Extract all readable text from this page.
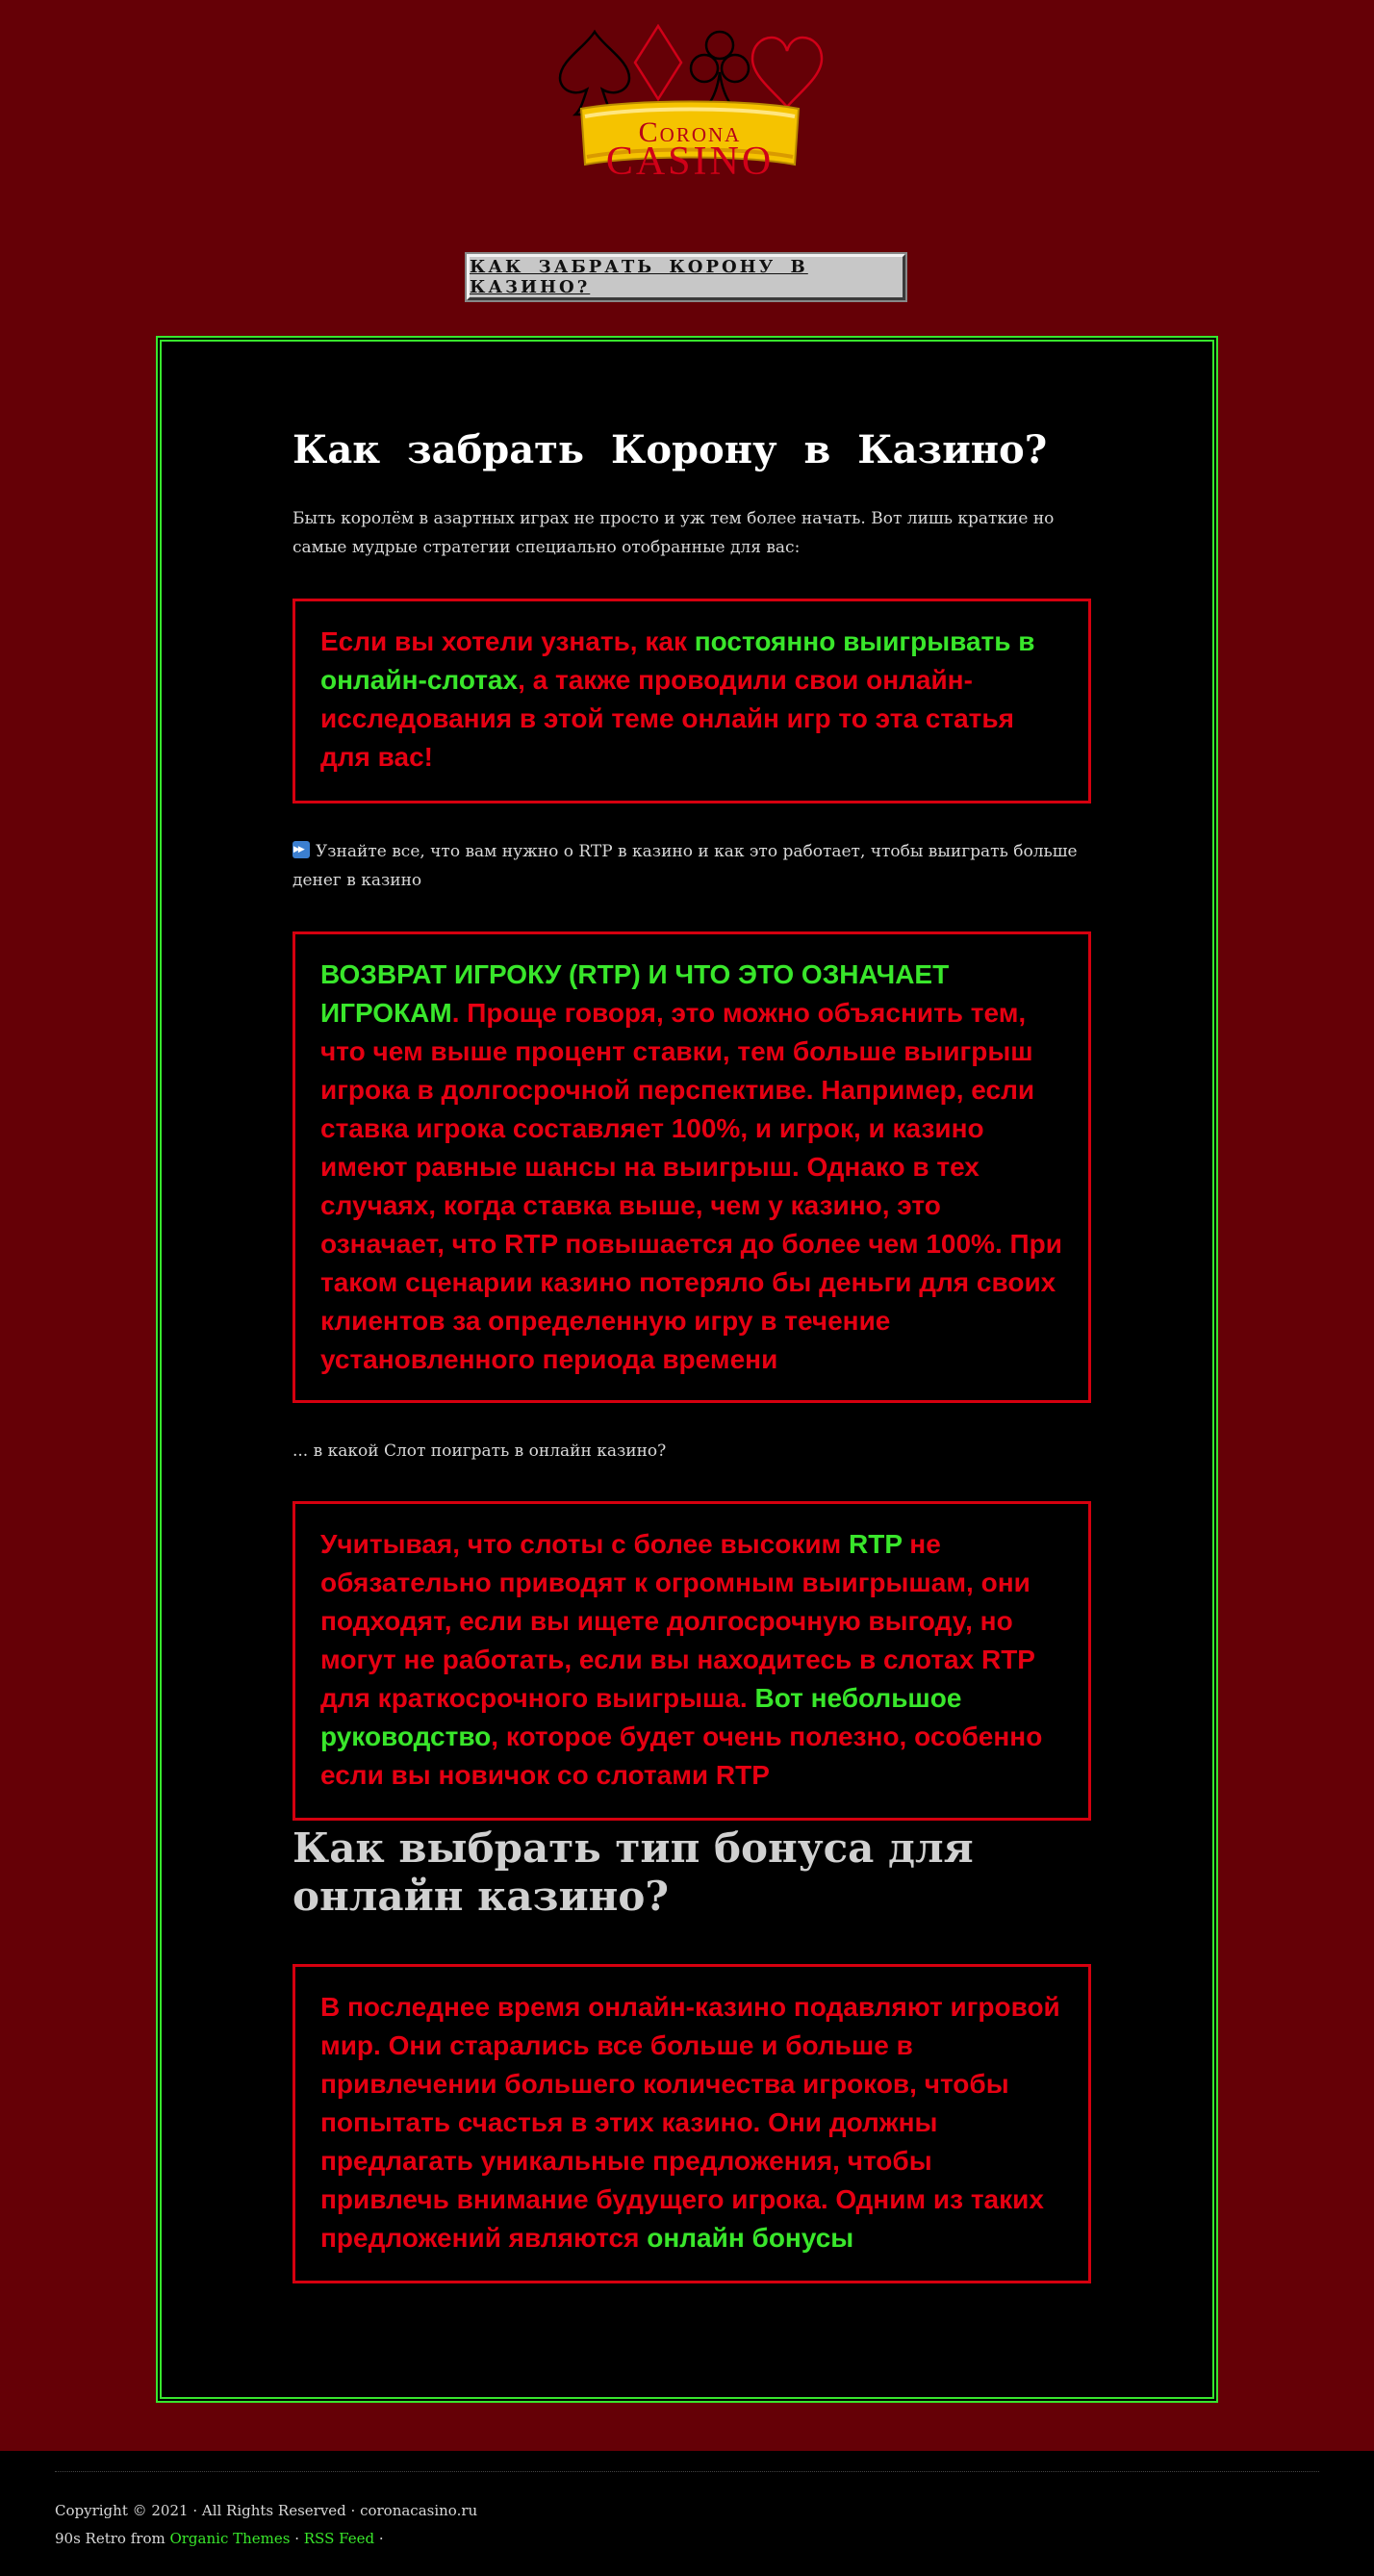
Corona
CASINO
КАК ЗАБРАТЬ КОРОНУ В КАЗИНО?
Как забрать Корону в Казино?

Быть королём в азартных играх не просто и уж тем более начать. Вот лишь краткие но самые мудрые стратегии специально отобранные для вас:

Если вы хотели узнать, как постоянно выигрывать в онлайн-слотах, а также проводили свои онлайн-исследования в этой теме онлайн игр то эта статья для вас!

▶▶Узнайте все, что вам нужно о RTP в казино и как это работает, чтобы выиграть больше денег в казино

ВОЗВРАТ ИГРОКУ (RTP) И ЧТО ЭТО ОЗНАЧАЕТ ИГРОКАМ. Проще говоря, это можно объяснить тем, что чем выше процент ставки, тем больше выигрыш игрока в долгосрочной перспективе. Например, если ставка игрока составляет 100%, и игрок, и казино имеют равные шансы на выигрыш. Однако в тех случаях, когда ставка выше, чем у казино, это означает, что RTP повышается до более чем 100%. При таком сценарии казино потеряло бы деньги для своих клиентов за определенную игру в течение установленного периода времени

... в какой Слот поиграть в онлайн казино?

Учитывая, что слоты с более высоким RTP не обязательно приводят к огромным выигрышам, они подходят, если вы ищете долгосрочную выгоду, но могут не работать, если вы находитесь в слотах RTP для краткосрочного выигрыша. Вот небольшое руководство, которое будет очень полезно, особенно если вы новичок со слотами RTP
Как выбрать тип бонуса для онлайн казино?
В последнее время онлайн-казино подавляют игровой мир. Они старались все больше и больше в привлечении большего количества игроков, чтобы попытать счастья в этих казино. Они должны предлагать уникальные предложения, чтобы привлечь внимание будущего игрока. Одним из таких предложений являются онлайн бонусы
Copyright © 2021 · All Rights Reserved · coronacasino.ru
90s Retro from Organic Themes · RSS Feed ·
